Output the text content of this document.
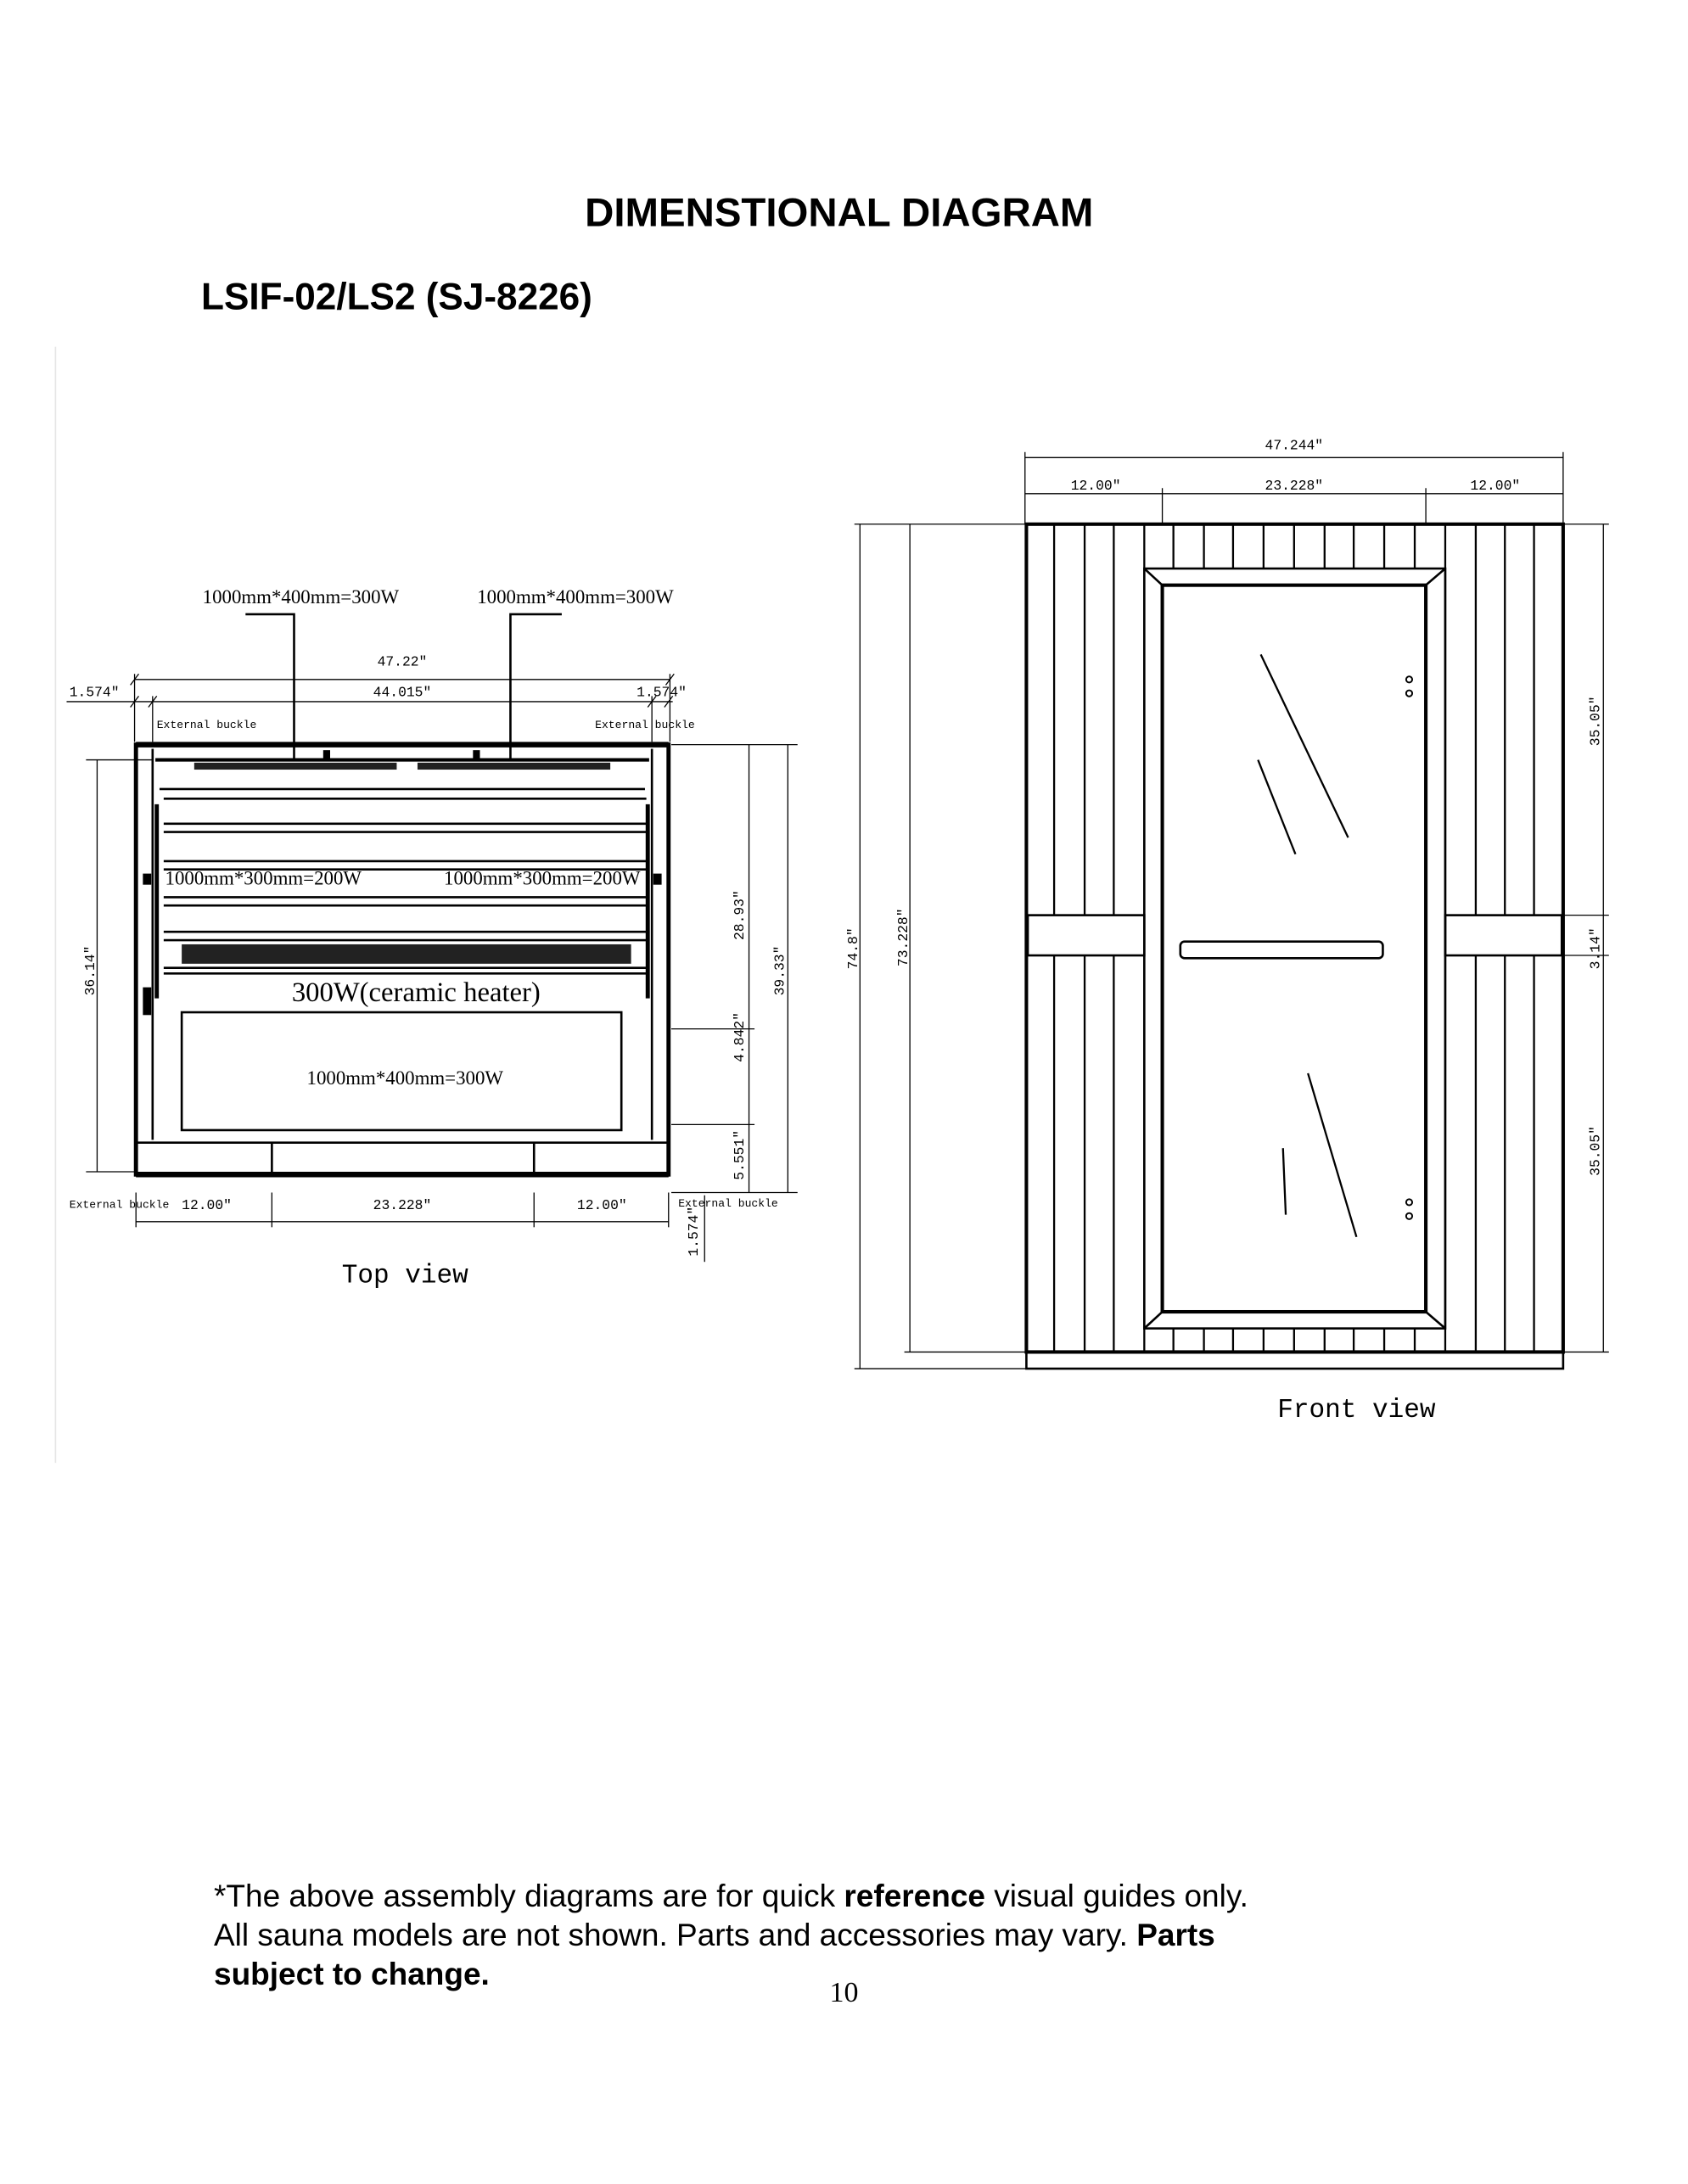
DIMENSTIONAL DIAGRAM
LSIF-02/LS2 (SJ-8226)
1000mm*400mm=300W	1000mm*400mm=300W
47.22″
1.574″	44.015″	1.574″
External buckle	External buckle
1000mm*300mm=200W	1000mm*300mm=200W
300W(ceramic heater)
1000mm*400mm=300W
36.14″
28.93″
39.33″
4.842″
5.551″
External buckle 12.00″	23.228″	12.00″	External buckle
1.574″
Top view
47.244″
12.00″	23.228″	12.00″
74.8″	73.228″
35.05″
3.14″
35.05″
Front view
*The above assembly diagrams are for quick reference visual guides only.
All sauna models are not shown. Parts and accessories may vary. Parts
subject to change.
10
